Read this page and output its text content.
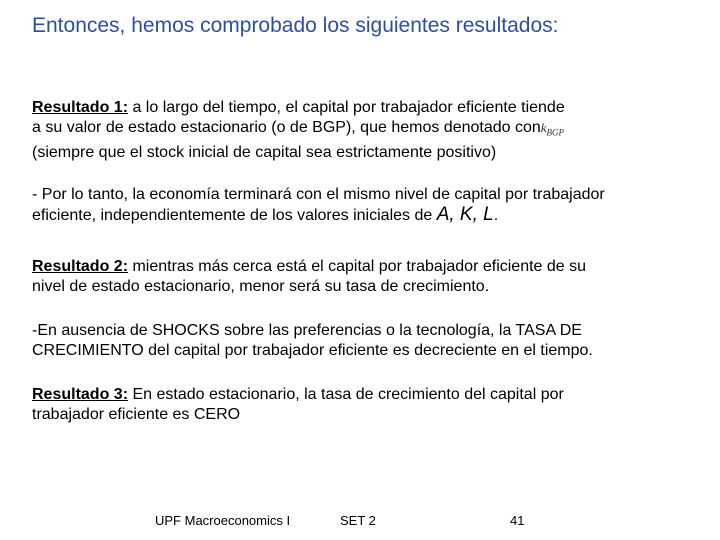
Entonces, hemos comprobado los siguientes resultados:
Resultado 1: a lo largo del tiempo, el capital por trabajador eficiente tiende
a su valor de estado estacionario (o de BGP), que hemos denotado conk$_{BGP}$
(siempre que el stock inicial de capital sea estrictamente positivo)
- Por lo tanto, la economía terminará con el mismo nivel de capital por trabajador
eficiente, independientemente de los valores iniciales de A, K, L.
Resultado 2: mientras más cerca está el capital por trabajador eficiente de su
nivel de estado estacionario, menor será su tasa de crecimiento.
-En ausencia de SHOCKS sobre las preferencias o la tecnología, la TASA DE
CRECIMIENTO del capital por trabajador eficiente es decreciente en el tiempo.
Resultado 3: En estado estacionario, la tasa de crecimiento del capital por
trabajador eficiente es CERO
UPF Macroeconomics I	SET 2	41
